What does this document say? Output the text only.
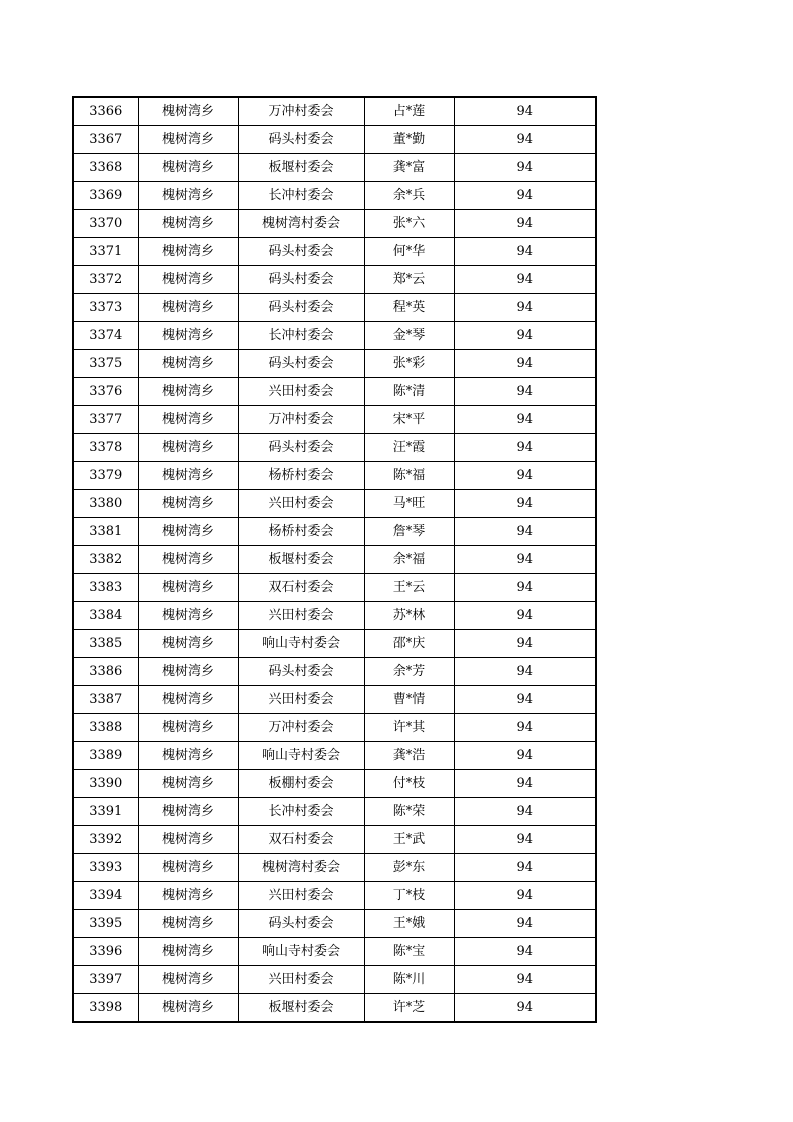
3366	槐树湾乡	万冲村委会	占*莲	94
3367	槐树湾乡	码头村委会	董*勤	94
3368	槐树湾乡	板堰村委会	龚*富	94
3369	槐树湾乡	长冲村委会	余*兵	94
3370	槐树湾乡	槐树湾村委会	张*六	94
3371	槐树湾乡	码头村委会	何*华	94
3372	槐树湾乡	码头村委会	郑*云	94
3373	槐树湾乡	码头村委会	程*英	94
3374	槐树湾乡	长冲村委会	金*琴	94
3375	槐树湾乡	码头村委会	张*彩	94
3376	槐树湾乡	兴田村委会	陈*清	94
3377	槐树湾乡	万冲村委会	宋*平	94
3378	槐树湾乡	码头村委会	汪*霞	94
3379	槐树湾乡	杨桥村委会	陈*福	94
3380	槐树湾乡	兴田村委会	马*旺	94
3381	槐树湾乡	杨桥村委会	詹*琴	94
3382	槐树湾乡	板堰村委会	余*福	94
3383	槐树湾乡	双石村委会	王*云	94
3384	槐树湾乡	兴田村委会	苏*林	94
3385	槐树湾乡	响山寺村委会	邵*庆	94
3386	槐树湾乡	码头村委会	余*芳	94
3387	槐树湾乡	兴田村委会	曹*情	94
3388	槐树湾乡	万冲村委会	许*其	94
3389	槐树湾乡	响山寺村委会	龚*浩	94
3390	槐树湾乡	板棚村委会	付*枝	94
3391	槐树湾乡	长冲村委会	陈*荣	94
3392	槐树湾乡	双石村委会	王*武	94
3393	槐树湾乡	槐树湾村委会	彭*东	94
3394	槐树湾乡	兴田村委会	丁*枝	94
3395	槐树湾乡	码头村委会	王*娥	94
3396	槐树湾乡	响山寺村委会	陈*宝	94
3397	槐树湾乡	兴田村委会	陈*川	94
3398	槐树湾乡	板堰村委会	许*芝	94
